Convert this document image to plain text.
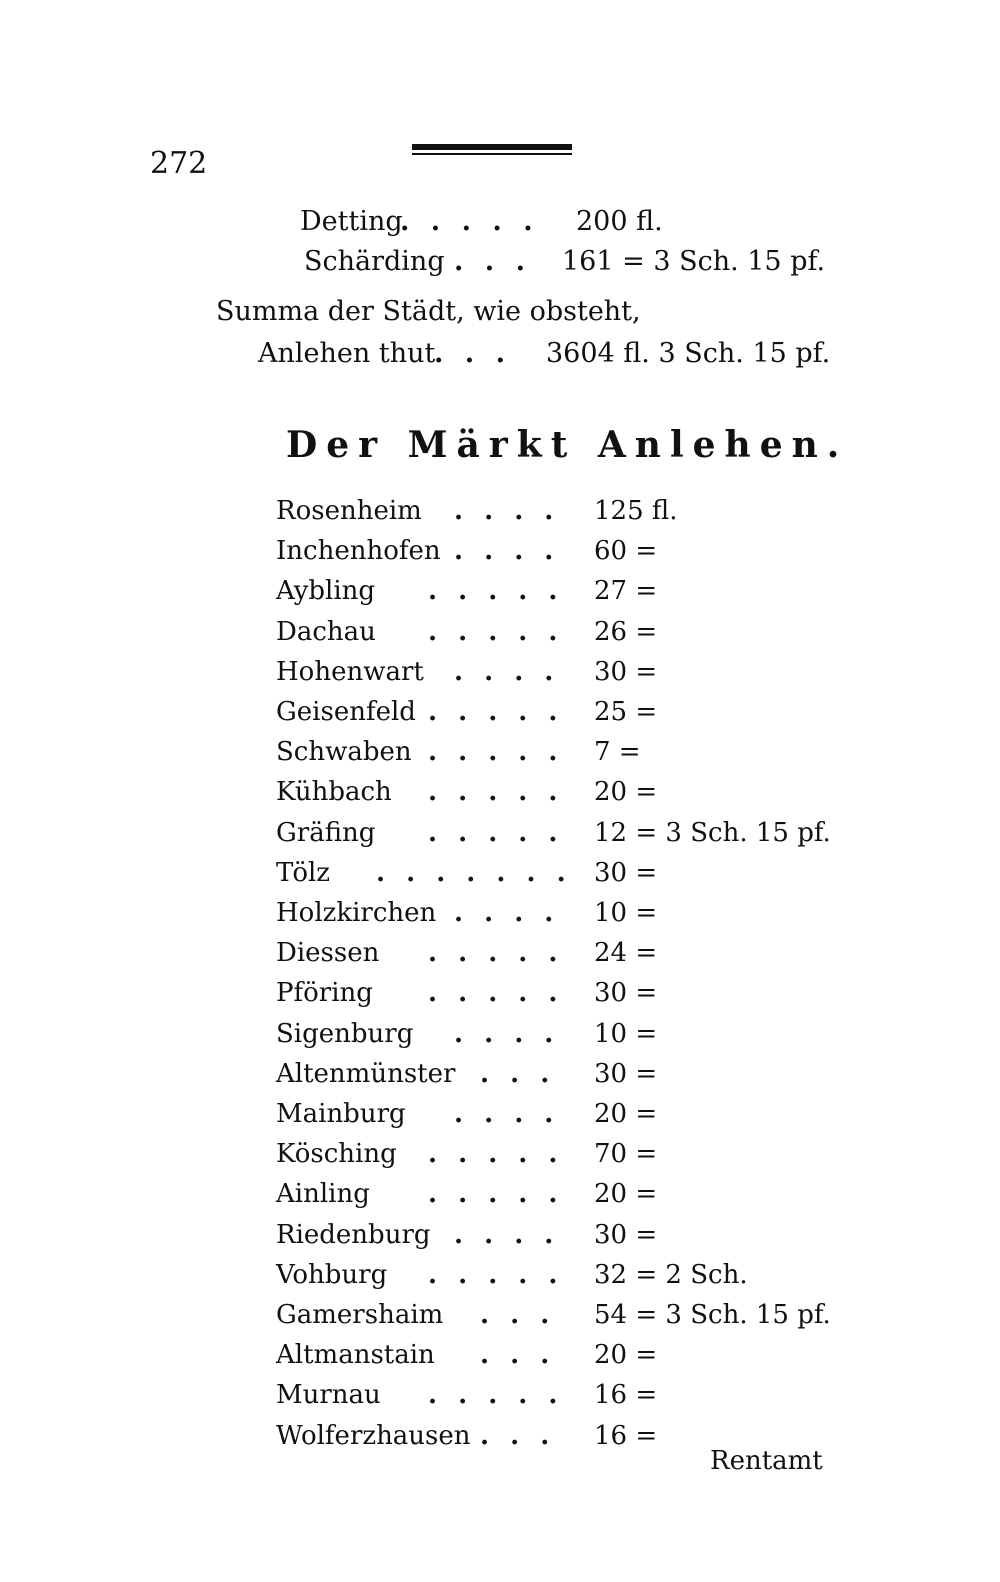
272
Detting
. . . . . 200 fl.
Schärding . . . 161 = 3 Sch. 15 pf.
Summa der Städt, wie obsteht,
Anlehen thut
. . . 3604 fl. 3 Sch. 15 pf.
Der Märkt Anlehen.
Rosenheim . . . . 125 fl.
Inchenhofen . . . . 60 =
Aybling . . . . . 27 =
Dachau . . . . . 26 =
Hohenwart . . . . 30 =
Geisenfeld . . . . . 25 =
Schwaben . . . . . 7 =
Kühbach . . . . . 20 =
Gräfing . . . . . 12 = 3 Sch. 15 pf.
Tölz . . . . . . . 30 =
Holzkirchen . . . . 10 =
Diessen . . . . . 24 =
Pföring . . . . . 30 =
Sigenburg . . . . 10 =
Altenmünster . . . 30 =
Mainburg . . . . 20 =
Kösching . . . . . 70 =
Ainling . . . . . 20 =
Riedenburg . . . . 30 =
Vohburg . . . . . 32 = 2 Sch.
Gamershaim . . . 54 = 3 Sch. 15 pf.
Altmanstain . . . 20 =
Murnau . . . . . 16 =
Wolferzhausen . . . 16 =
Rentamt
